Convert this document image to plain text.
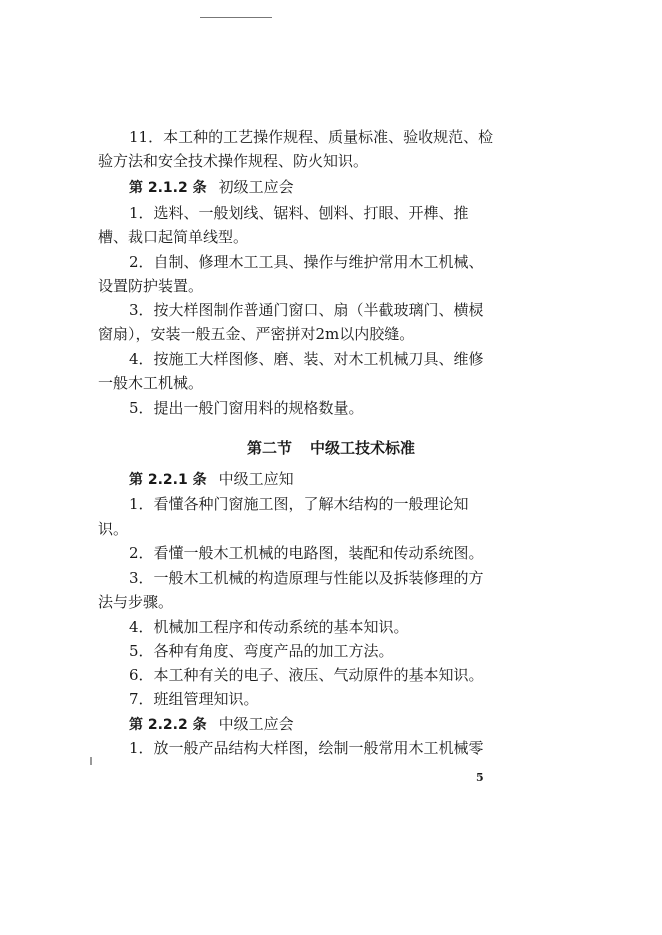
11．本工种的工艺操作规程、质量标准、验收规范、检
验方法和安全技术操作规程、防火知识。
第 2.1.2 条 初级工应会
1．选料、一般划线、锯料、刨料、打眼、开榫、推
槽、裁口起简单线型。
2．自制、修理木工工具、操作与维护常用木工机械、
设置防护装置。
3．按大样图制作普通门窗口、扇（半截玻璃门、横棂
窗扇），安装一般五金、严密拼对2m以内胶缝。
4．按施工大样图修、磨、装、对木工机械刀具、维修
一般木工机械。
5．提出一般门窗用料的规格数量。
第二节 中级工技术标准
第 2.2.1 条 中级工应知
1．看懂各种门窗施工图，了解木结构的一般理论知
识。
2．看懂一般木工机械的电路图，装配和传动系统图。
3．一般木工机械的构造原理与性能以及拆装修理的方
法与步骤。
4．机械加工程序和传动系统的基本知识。
5．各种有角度、弯度产品的加工方法。
6．本工种有关的电子、液压、气动原件的基本知识。
7．班组管理知识。
第 2.2.2 条 中级工应会
1．放一般产品结构大样图，绘制一般常用木工机械零
5
